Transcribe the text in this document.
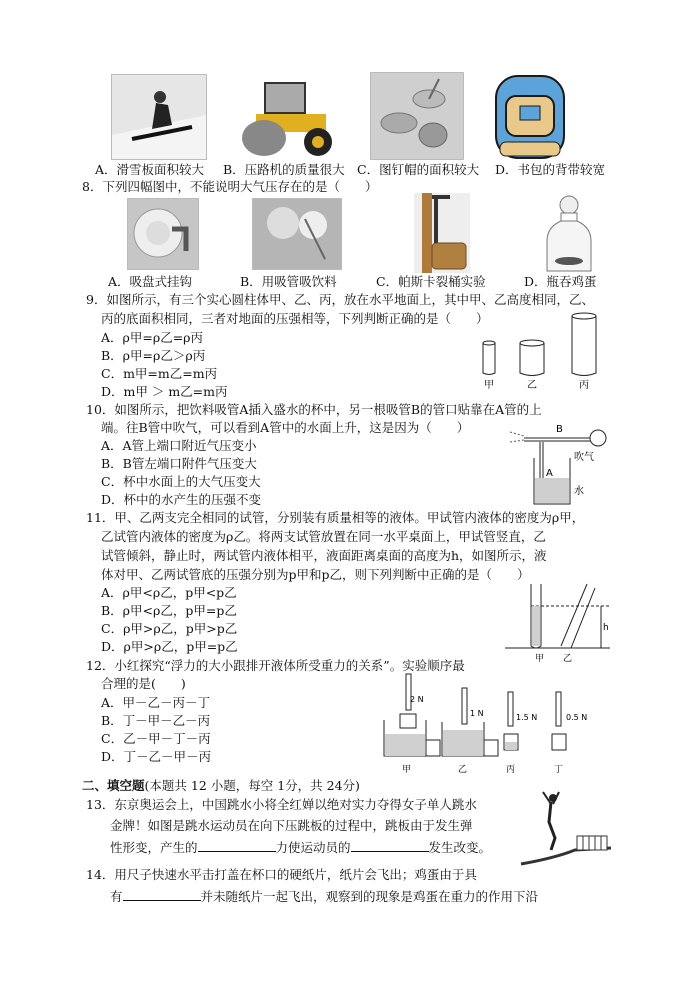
A．滑雪板面积较大 B．压路机的质量很大 C．图钉帽的面积较大 D．书包的背带较宽
8．下列四幅图中，不能说明大气压存在的是（　　）
A．吸盘式挂钩	B．用吸管吸饮料	C．帕斯卡裂桶实验	D．瓶吞鸡蛋
9．如图所示，有三个实心圆柱体甲、乙、丙，放在水平地面上，其中甲、乙高度相同，乙、
丙的底面积相同，三者对地面的压强相等，下列判断正确的是（　　）
A．ρ甲=ρ乙=ρ丙
B．ρ甲=ρ乙＞ρ丙
C．m甲=m乙=m丙
D．m甲 ＞ m乙=m丙	甲	乙	丙
10．如图所示，把饮料吸管A插入盛水的杯中，另一根吸管B的管口贴靠在A管的上
端。往B管中吹气，可以看到A管中的水面上升，这是因为（　　）
A．A管上端口附近气压变小
B．B管左端口附件气压变大
C．杯中水面上的大气压变大
D．杯中的水产生的压强不变
B
吹气
A
水
11．甲、乙两支完全相同的试管，分别装有质量相等的液体。甲试管内液体的密度为ρ甲，
乙试管内液体的密度为ρ乙。将两支试管放置在同一水平桌面上，甲试管竖直，乙
试管倾斜，静止时，两试管内液体相平，液面距离桌面的高度为h，如图所示，液
体对甲、乙两试管底的压强分别为p甲和p乙，则下列判断中正确的是（　　）
A．ρ甲<ρ乙，p甲<p乙
B．ρ甲<ρ乙，p甲=p乙
C．ρ甲>ρ乙，p甲>p乙
D．ρ甲>ρ乙，p甲=p乙
h
甲 乙
12．小红探究“浮力的大小跟排开液体所受重力的关系”。实验顺序最
合理的是(　　)
A．甲－乙－丙－丁
B．丁－甲－乙－丙
C．乙－甲－丁－丙
D．丁－乙－甲－丙
2 N
1 N	1.5 N	0.5 N
甲	乙	丙	丁
二、填空题(本题共 12 小题，每空 1分，共 24分)
13．东京奥运会上，中国跳水小将全红婵以绝对实力夺得女子单人跳水
金牌！如图是跳水运动员在向下压跳板的过程中，跳板由于发生弹
性形变，产生的	力使运动员的	发生改变。
14．用尺子快速水平击打盖在杯口的硬纸片，纸片会飞出；鸡蛋由于具
有	并未随纸片一起飞出，观察到的现象是鸡蛋在重力的作用下沿
